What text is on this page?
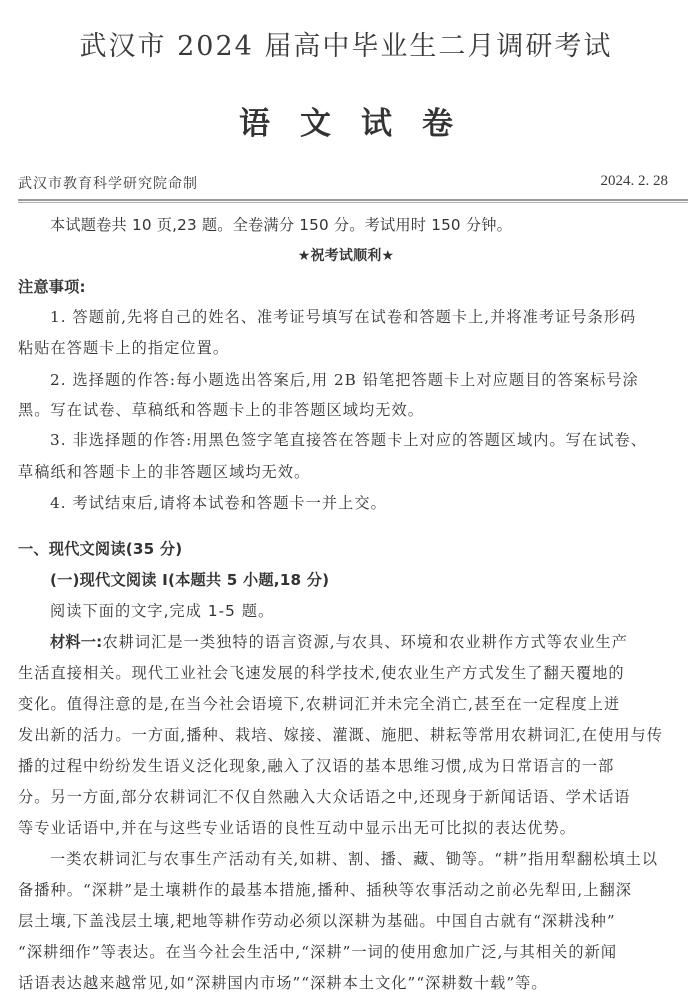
武汉市 2024 届高中毕业生二月调研考试
语文试卷
武汉市教育科学研究院命制	2024. 2. 28
本试题卷共 10 页,23 题。全卷满分 150 分。考试用时 150 分钟。
★祝考试顺利★
注意事项:
1. 答题前,先将自己的姓名、准考证号填写在试卷和答题卡上,并将准考证号条形码
粘贴在答题卡上的指定位置。
2. 选择题的作答:每小题选出答案后,用 2B 铅笔把答题卡上对应题目的答案标号涂
黑。写在试卷、草稿纸和答题卡上的非答题区域均无效。
3. 非选择题的作答:用黑色签字笔直接答在答题卡上对应的答题区域内。写在试卷、
草稿纸和答题卡上的非答题区域均无效。
4. 考试结束后,请将本试卷和答题卡一并上交。
一、现代文阅读(35 分)
(一)现代文阅读 I(本题共 5 小题,18 分)
阅读下面的文字,完成 1-5 题。
材料一:农耕词汇是一类独特的语言资源,与农具、环境和农业耕作方式等农业生产
生活直接相关。现代工业社会飞速发展的科学技术,使农业生产方式发生了翻天覆地的
变化。值得注意的是,在当今社会语境下,农耕词汇并未完全消亡,甚至在一定程度上迸
发出新的活力。一方面,播种、栽培、嫁接、灌溉、施肥、耕耘等常用农耕词汇,在使用与传
播的过程中纷纷发生语义泛化现象,融入了汉语的基本思维习惯,成为日常语言的一部
分。另一方面,部分农耕词汇不仅自然融入大众话语之中,还现身于新闻话语、学术话语
等专业话语中,并在与这些专业话语的良性互动中显示出无可比拟的表达优势。
一类农耕词汇与农事生产活动有关,如耕、割、播、藏、锄等。“耕”指用犁翻松填土以
备播种。“深耕”是土壤耕作的最基本措施,播种、插秧等农事活动之前必先犁田,上翻深
层土壤,下盖浅层土壤,耙地等耕作劳动必须以深耕为基础。中国自古就有“深耕浅种”
“深耕细作”等表达。在当今社会生活中,“深耕”一词的使用愈加广泛,与其相关的新闻
话语表达越来越常见,如“深耕国内市场”“深耕本土文化”“深耕数十载”等。
